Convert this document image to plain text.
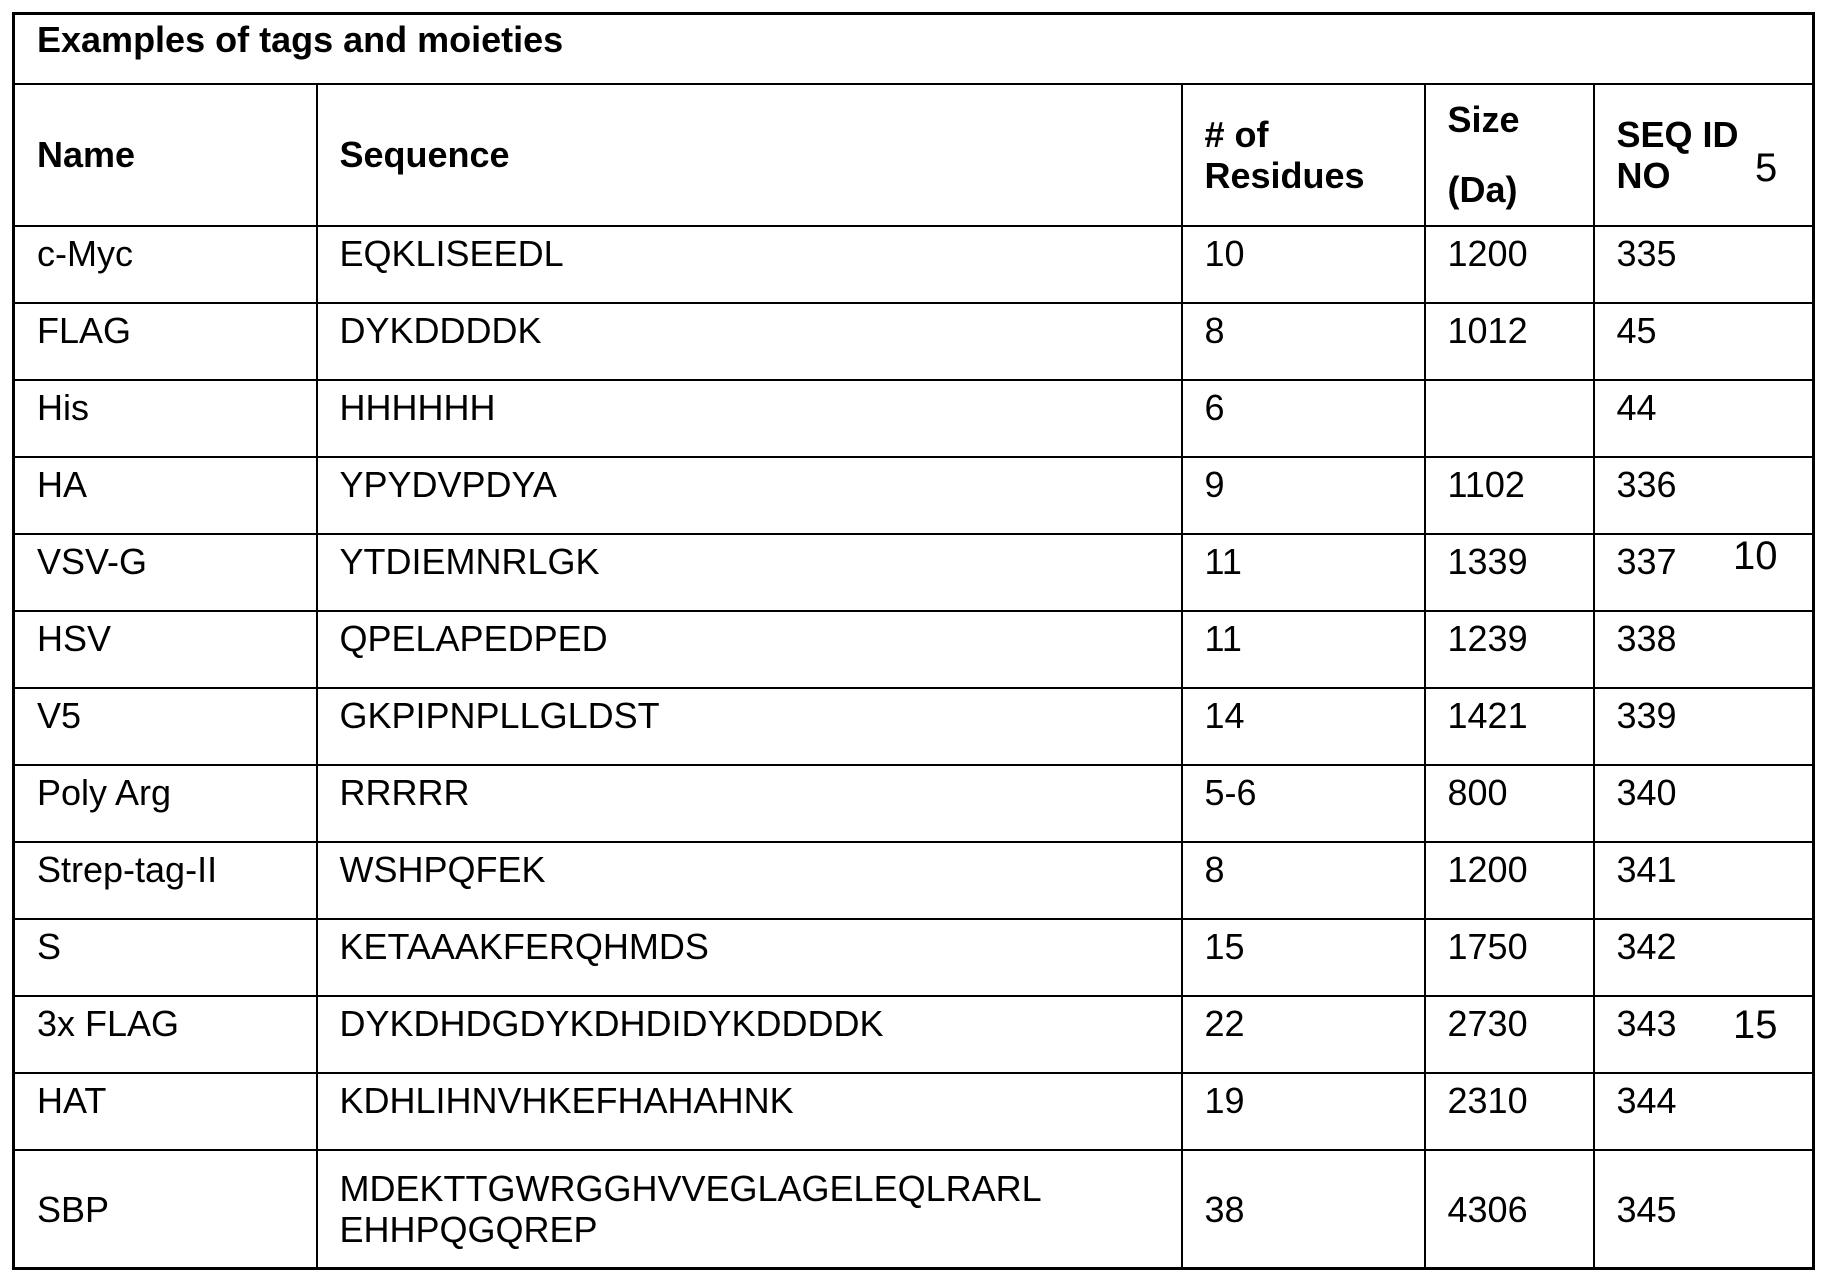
Examples of tags and moieties
Name	Sequence	# of
Residues	Size
(Da)	SEQ ID
NO
c-Myc	EQKLISEEDL	10	1200	335
FLAG	DYKDDDDK	8	1012	45
His	HHHHHH	6		44
HA	YPYDVPDYA	9	1102	336
VSV-G	YTDIEMNRLGK	11	1339	337
HSV	QPELAPEDPED	11	1239	338
V5	GKPIPNPLLGLDST	14	1421	339
Poly Arg	RRRRR	5-6	800	340
Strep-tag-II	WSHPQFEK	8	1200	341
S	KETAAAKFERQHMDS	15	1750	342
3x FLAG	DYKDHDGDYKDHDIDYKDDDDK	22	2730	343
HAT	KDHLIHNVHKEFHAHAHNK	19	2310	344
SBP	MDEKTTGWRGGHVVEGLAGELEQLRARL
EHHPQGQREP	38	4306	345
5
10
15
